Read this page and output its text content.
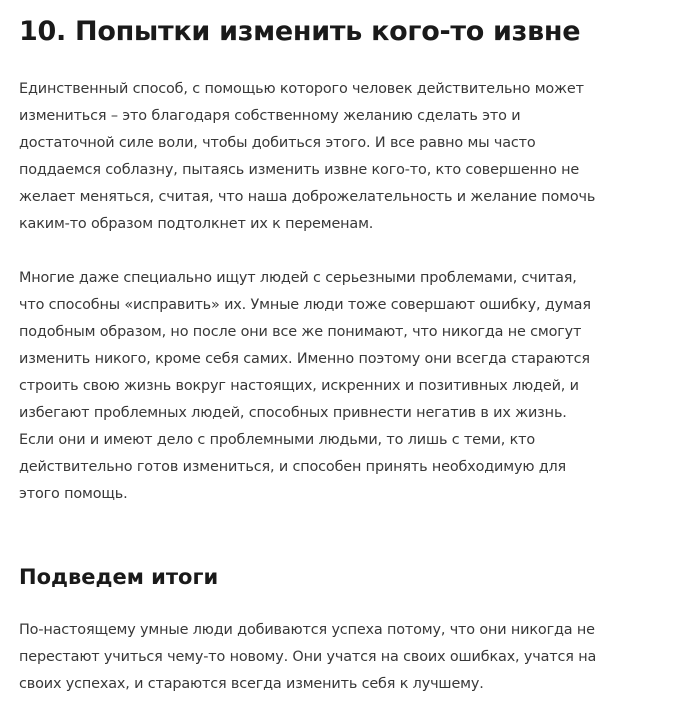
10. Попытки изменить кого-то извне
Единственный способ, с помощью которого человек действительно может
измениться – это благодаря собственному желанию сделать это и
достаточной силе воли, чтобы добиться этого. И все равно мы часто
поддаемся соблазну, пытаясь изменить извне кого-то, кто совершенно не
желает меняться, считая, что наша доброжелательность и желание помочь
каким-то образом подтолкнет их к переменам.
Многие даже специально ищут людей с серьезными проблемами, считая,
что способны «исправить» их. Умные люди тоже совершают ошибку, думая
подобным образом, но после они все же понимают, что никогда не смогут
изменить никого, кроме себя самих. Именно поэтому они всегда стараются
строить свою жизнь вокруг настоящих, искренних и позитивных людей, и
избегают проблемных людей, способных привнести негатив в их жизнь.
Если они и имеют дело с проблемными людьми, то лишь с теми, кто
действительно готов измениться, и способен принять необходимую для
этого помощь.
Подведем итоги
По-настоящему умные люди добиваются успеха потому, что они никогда не
перестают учиться чему-то новому. Они учатся на своих ошибках, учатся на
своих успехах, и стараются всегда изменить себя к лучшему.
